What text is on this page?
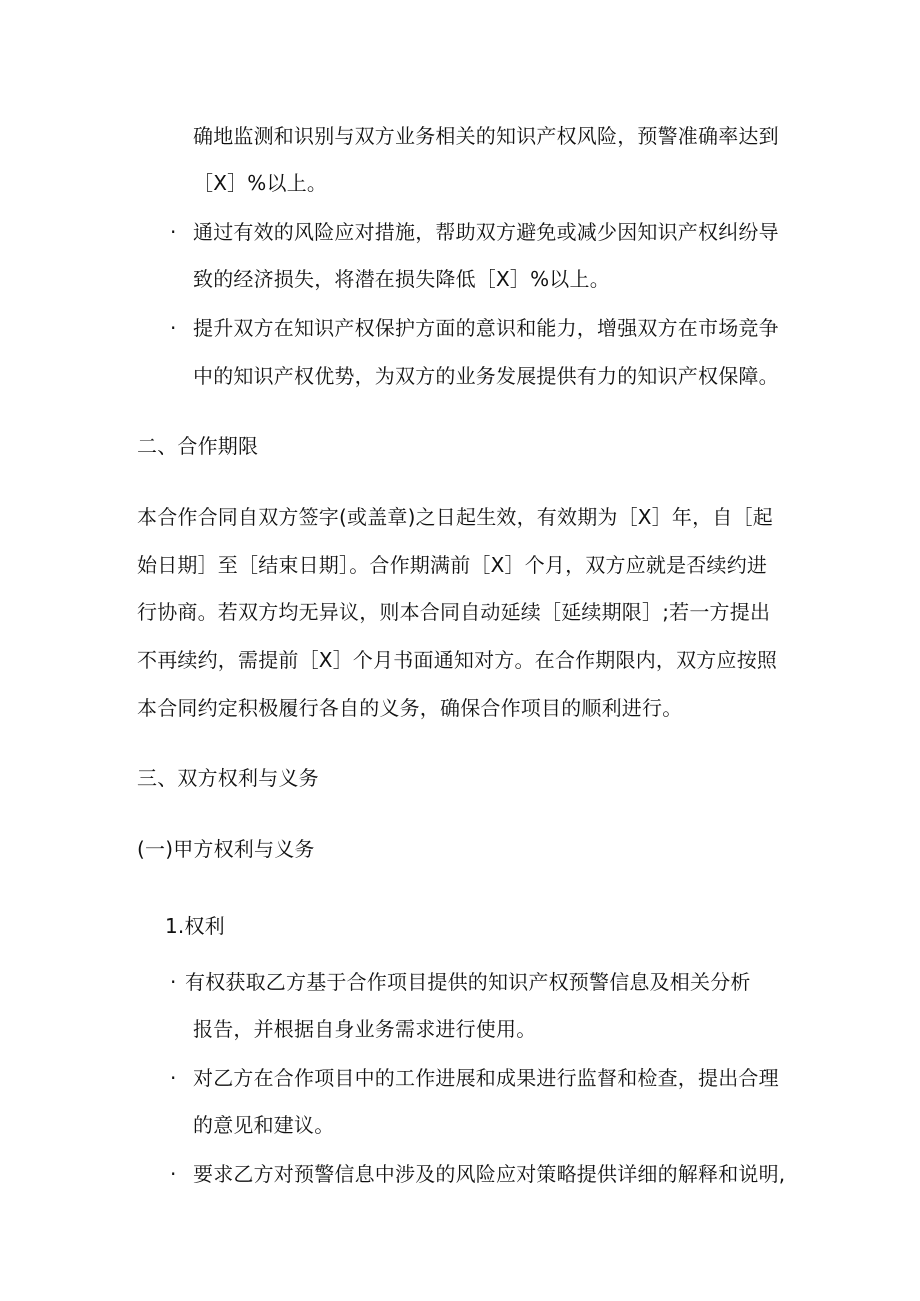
确地监测和识别与双方业务相关的知识产权风险，预警准确率达到
［X］%以上。
· 通过有效的风险应对措施，帮助双方避免或减少因知识产权纠纷导
致的经济损失，将潜在损失降低［X］%以上。
· 提升双方在知识产权保护方面的意识和能力，增强双方在市场竞争
中的知识产权优势，为双方的业务发展提供有力的知识产权保障。
二、合作期限
本合作合同自双方签字(或盖章)之日起生效，有效期为［X］年，自［起
始日期］至［结束日期］。合作期满前［X］个月，双方应就是否续约进
行协商。若双方均无异议，则本合同自动延续［延续期限］;若一方提出
不再续约，需提前［X］个月书面通知对方。在合作期限内，双方应按照
本合同约定积极履行各自的义务，确保合作项目的顺利进行。
三、双方权利与义务
(一)甲方权利与义务
1.权利
· 有权获取乙方基于合作项目提供的知识产权预警信息及相关分析
报告，并根据自身业务需求进行使用。
· 对乙方在合作项目中的工作进展和成果进行监督和检查，提出合理
的意见和建议。
· 要求乙方对预警信息中涉及的风险应对策略提供详细的解释和说明,
